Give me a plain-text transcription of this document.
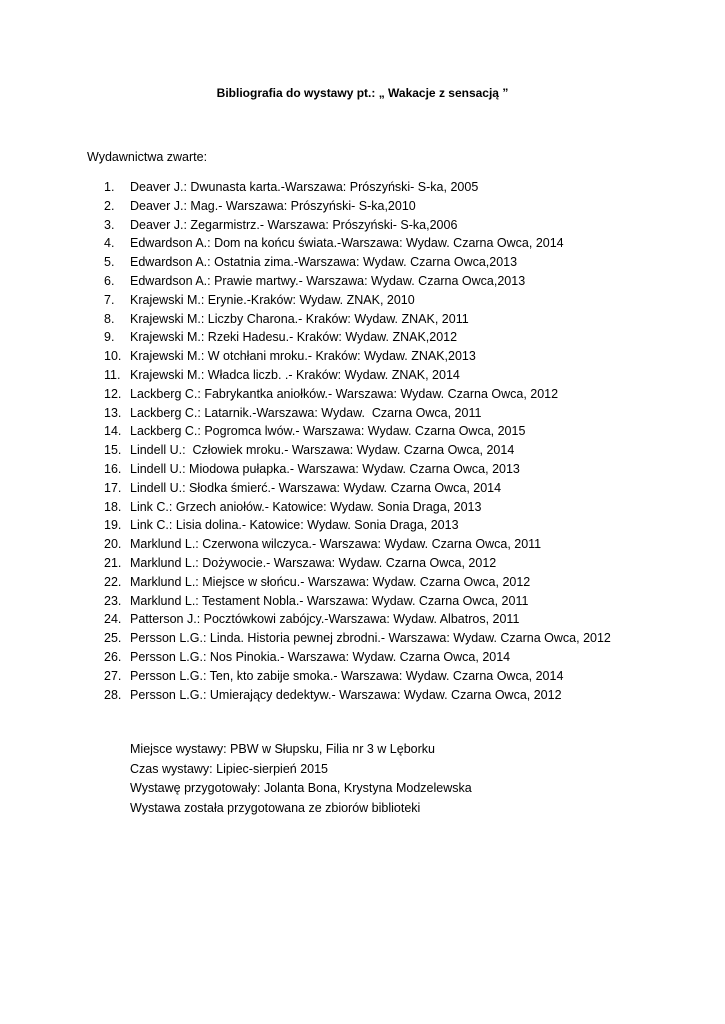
Bibliografia do wystawy pt.: „ Wakacje z sensacją ”
Wydawnictwa zwarte:
1.	Deaver J.: Dwunasta karta.-Warszawa: Prószyński- S-ka, 2005
2.	Deaver J.: Mag.- Warszawa: Prószyński- S-ka,2010
3.	Deaver J.: Zegarmistrz.- Warszawa: Prószyński- S-ka,2006
4.	Edwardson A.: Dom na końcu świata.-Warszawa: Wydaw. Czarna Owca, 2014
5.	Edwardson A.: Ostatnia zima.-Warszawa: Wydaw. Czarna Owca,2013
6.	Edwardson A.: Prawie martwy.- Warszawa: Wydaw. Czarna Owca,2013
7.	Krajewski M.: Erynie.-Kraków: Wydaw. ZNAK, 2010
8.	Krajewski M.: Liczby Charona.- Kraków: Wydaw. ZNAK, 2011
9.	Krajewski M.: Rzeki Hadesu.- Kraków: Wydaw. ZNAK,2012
10. Krajewski M.: W otchłani mroku.- Kraków: Wydaw. ZNAK,2013
11. Krajewski M.: Władca liczb. .- Kraków: Wydaw. ZNAK, 2014
12. Lackberg C.: Fabrykantka aniołków.- Warszawa: Wydaw. Czarna Owca, 2012
13. Lackberg C.: Latarnik.-Warszawa: Wydaw.  Czarna Owca, 2011
14. Lackberg C.: Pogromca lwów.- Warszawa: Wydaw. Czarna Owca, 2015
15. Lindell U.:  Człowiek mroku.- Warszawa: Wydaw. Czarna Owca, 2014
16. Lindell U.: Miodowa pułapka.- Warszawa: Wydaw. Czarna Owca, 2013
17. Lindell U.: Słodka śmierć.- Warszawa: Wydaw. Czarna Owca, 2014
18. Link C.: Grzech aniołów.- Katowice: Wydaw. Sonia Draga, 2013
19. Link C.: Lisia dolina.- Katowice: Wydaw. Sonia Draga, 2013
20. Marklund L.: Czerwona wilczyca.- Warszawa: Wydaw. Czarna Owca, 2011
21. Marklund L.: Dożywocie.- Warszawa: Wydaw. Czarna Owca, 2012
22. Marklund L.: Miejsce w słońcu.- Warszawa: Wydaw. Czarna Owca, 2012
23. Marklund L.: Testament Nobla.- Warszawa: Wydaw. Czarna Owca, 2011
24. Patterson J.: Pocztówkowi zabójcy.-Warszawa: Wydaw. Albatros, 2011
25. Persson L.G.: Linda. Historia pewnej zbrodni.- Warszawa: Wydaw. Czarna Owca, 2012
26. Persson L.G.: Nos Pinokia.- Warszawa: Wydaw. Czarna Owca, 2014
27. Persson L.G.: Ten, kto zabije smoka.- Warszawa: Wydaw. Czarna Owca, 2014
28. Persson L.G.: Umierający dedektyw.- Warszawa: Wydaw. Czarna Owca, 2012
Miejsce wystawy: PBW w Słupsku, Filia nr 3 w Lęborku
Czas wystawy: Lipiec-sierpień 2015
Wystawę przygotowały: Jolanta Bona, Krystyna Modzelewska
Wystawa została przygotowana ze zbiorów biblioteki
